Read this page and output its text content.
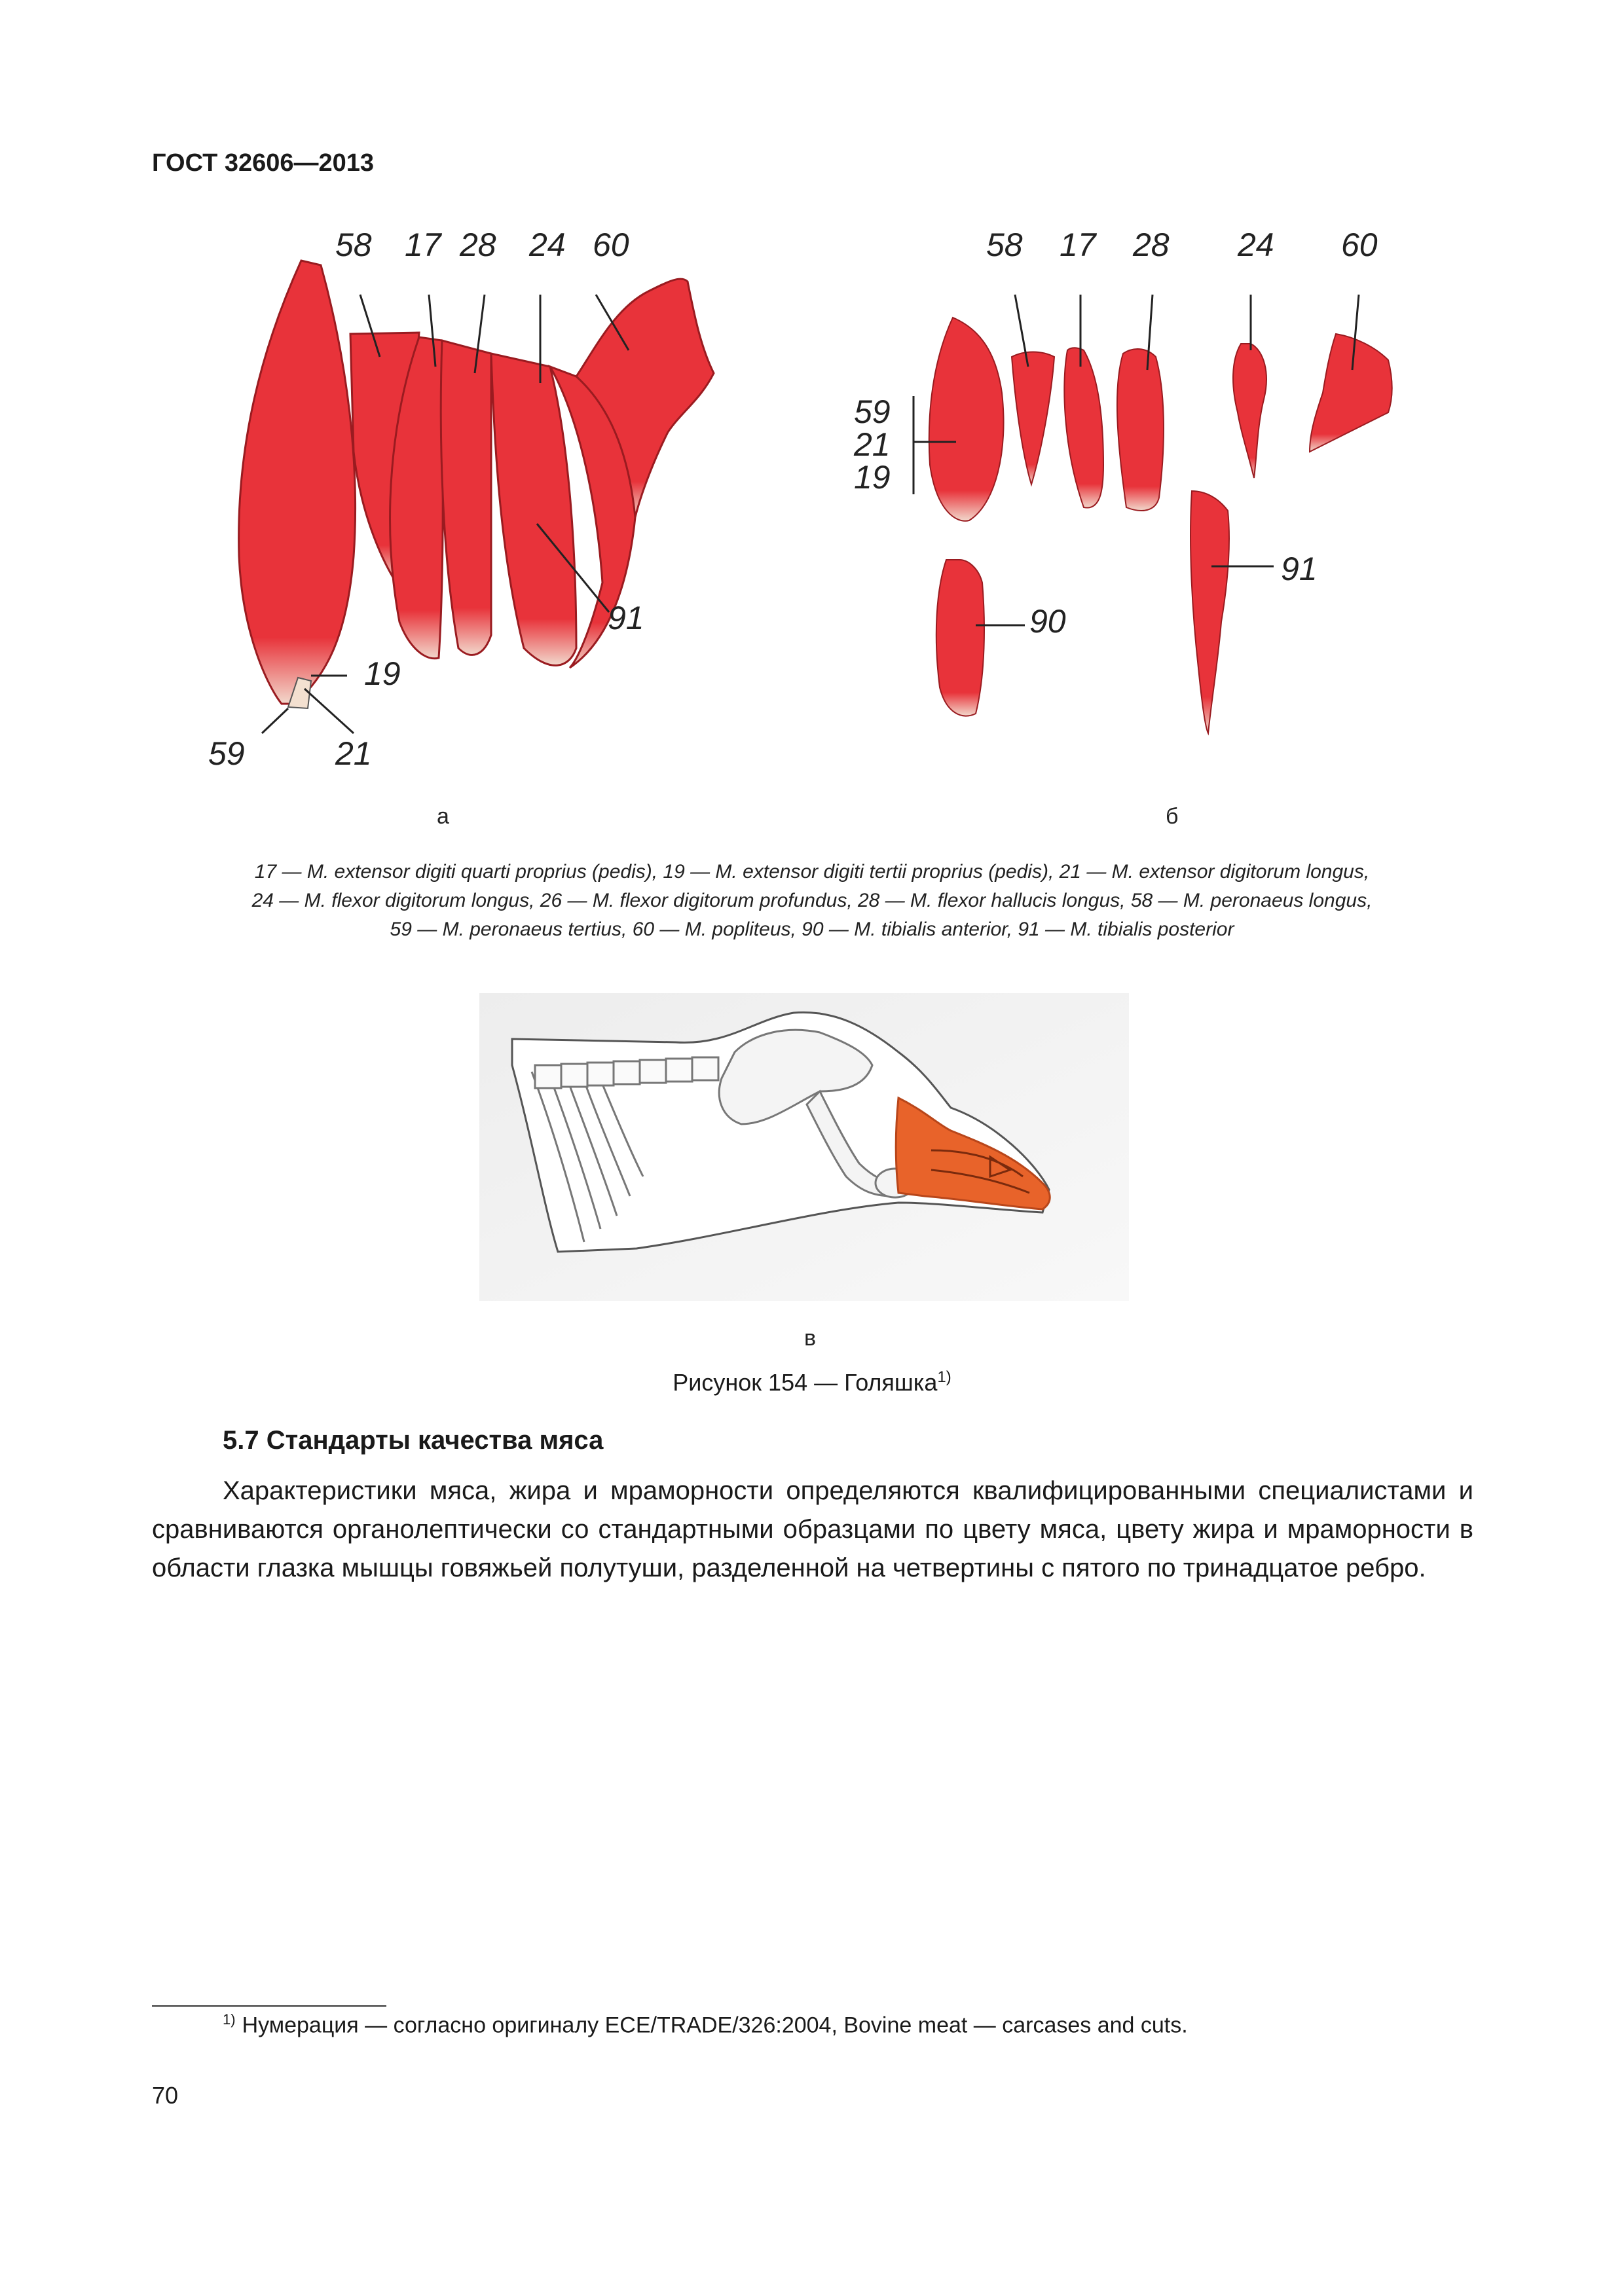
ГОСТ 32606—2013
58 17 28 24 60
91
19
59	21
а
58 17 28 24 60
59
21
19
91
90
б
17 — M. extensor digiti quarti proprius (pedis), 19 — M. extensor digiti tertii proprius (pedis), 21 — M. extensor digitorum longus,
24 — M. flexor digitorum longus, 26 — M. flexor digitorum profundus, 28 — M. flexor hallucis longus, 58 — M. peronaeus longus,
59 — M. peronaeus tertius, 60 — M. popliteus, 90 — M. tibialis anterior, 91 — M. tibialis posterior
в
Рисунок 154 — Голяшка$^{1)}$
5.7 Стандарты качества мяса
Характеристики мяса, жира и мраморности определяются квалифицированными специалистами и сравниваются органолептически со стандартными образцами по цвету мяса, цвету жира и мраморности в области глазка мышцы говяжьей полутуши, разделенной на четвертины с пятого по тринадцатое ребро.
$^{1)}$ Нумерация — согласно оригиналу ECE/TRADE/326:2004, Bovine meat — carcases and cuts.
70
